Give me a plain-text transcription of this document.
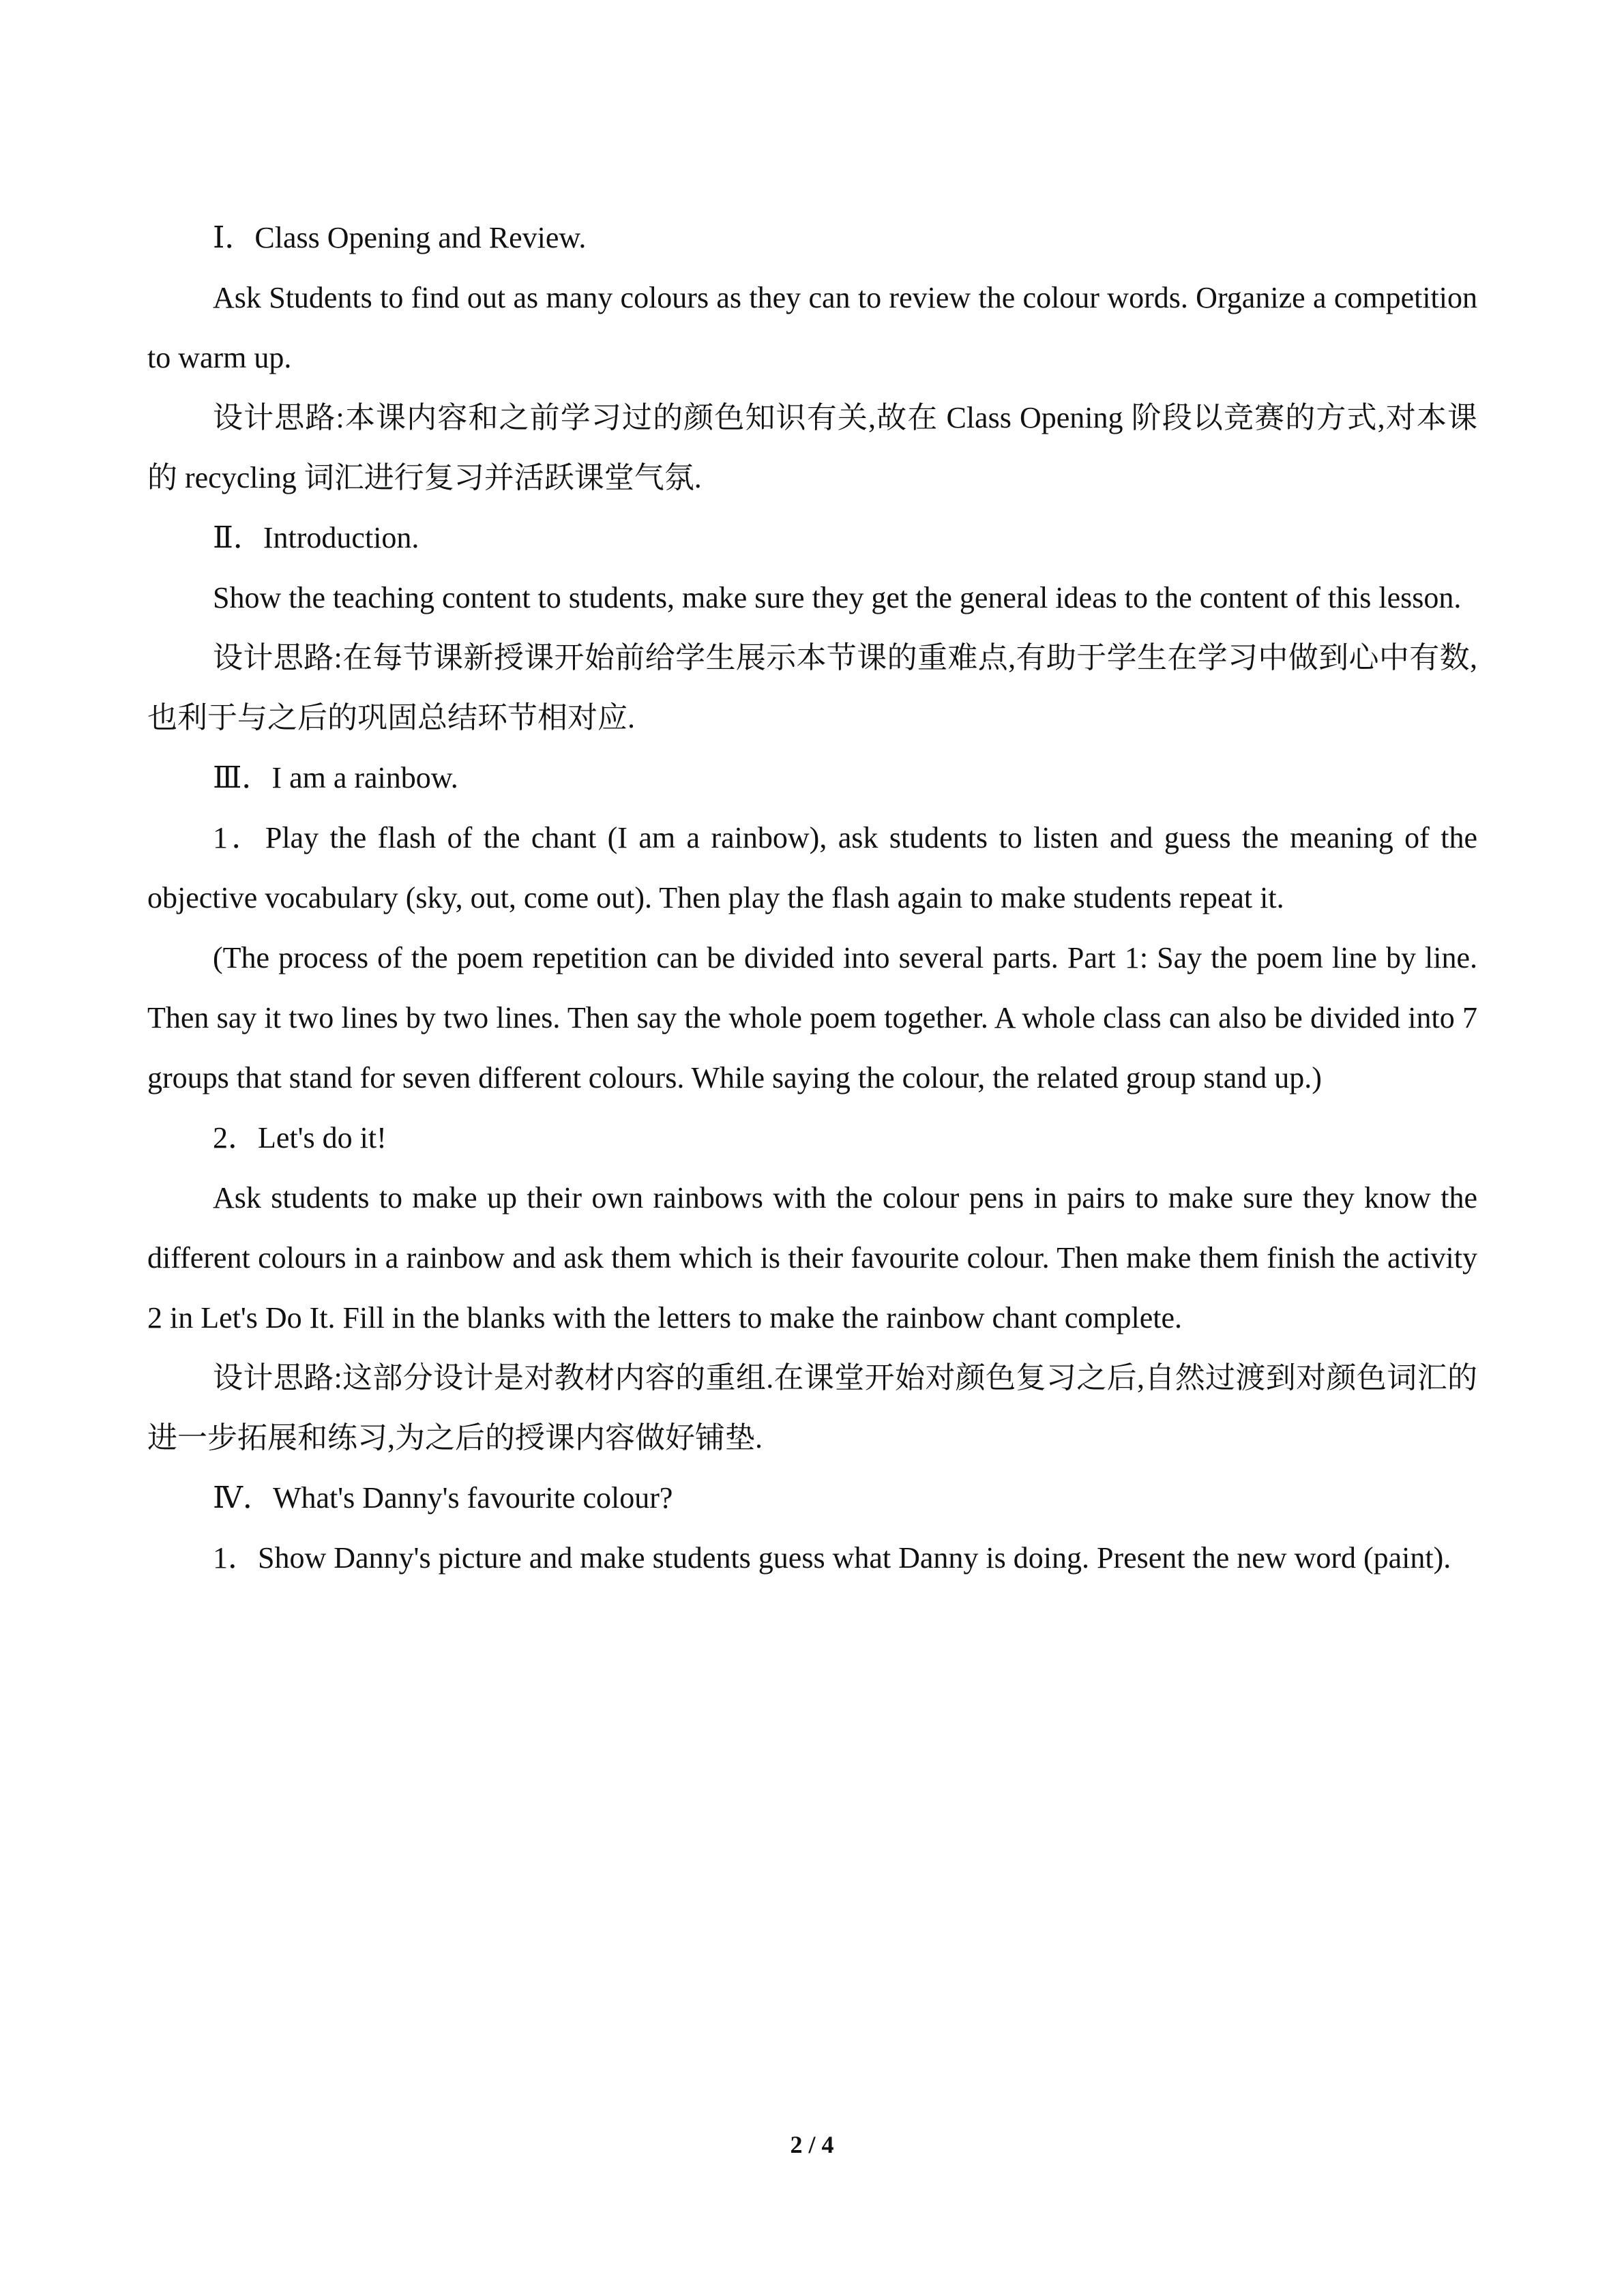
Ⅰ．Class Opening and Review.

Ask Students to find out as many colours as they can to review the colour words. Organize a competition to warm up.

设计思路:本课内容和之前学习过的颜色知识有关,故在 Class Opening 阶段以竞赛的方式,对本课的 recycling 词汇进行复习并活跃课堂气氛.

Ⅱ．Introduction.

Show the teaching content to students, make sure they get the general ideas to the content of this lesson.

设计思路:在每节课新授课开始前给学生展示本节课的重难点,有助于学生在学习中做到心中有数,也利于与之后的巩固总结环节相对应.

Ⅲ．I am a rainbow.

1．Play the flash of the chant (I am a rainbow), ask students to listen and guess the meaning of the objective vocabulary (sky, out, come out). Then play the flash again to make students repeat it.

(The process of the poem repetition can be divided into several parts. Part 1: Say the poem line by line. Then say it two lines by two lines. Then say the whole poem together. A whole class can also be divided into 7 groups that stand for seven different colours. While saying the colour, the related group stand up.)

2．Let's do it!

Ask students to make up their own rainbows with the colour pens in pairs to make sure they know the different colours in a rainbow and ask them which is their favourite colour. Then make them finish the activity 2 in Let's Do It. Fill in the blanks with the letters to make the rainbow chant complete.

设计思路:这部分设计是对教材内容的重组.在课堂开始对颜色复习之后,自然过渡到对颜色词汇的进一步拓展和练习,为之后的授课内容做好铺垫.

Ⅳ．What's Danny's favourite colour?

1．Show Danny's picture and make students guess what Danny is doing. Present the new word (paint).

2 / 4
